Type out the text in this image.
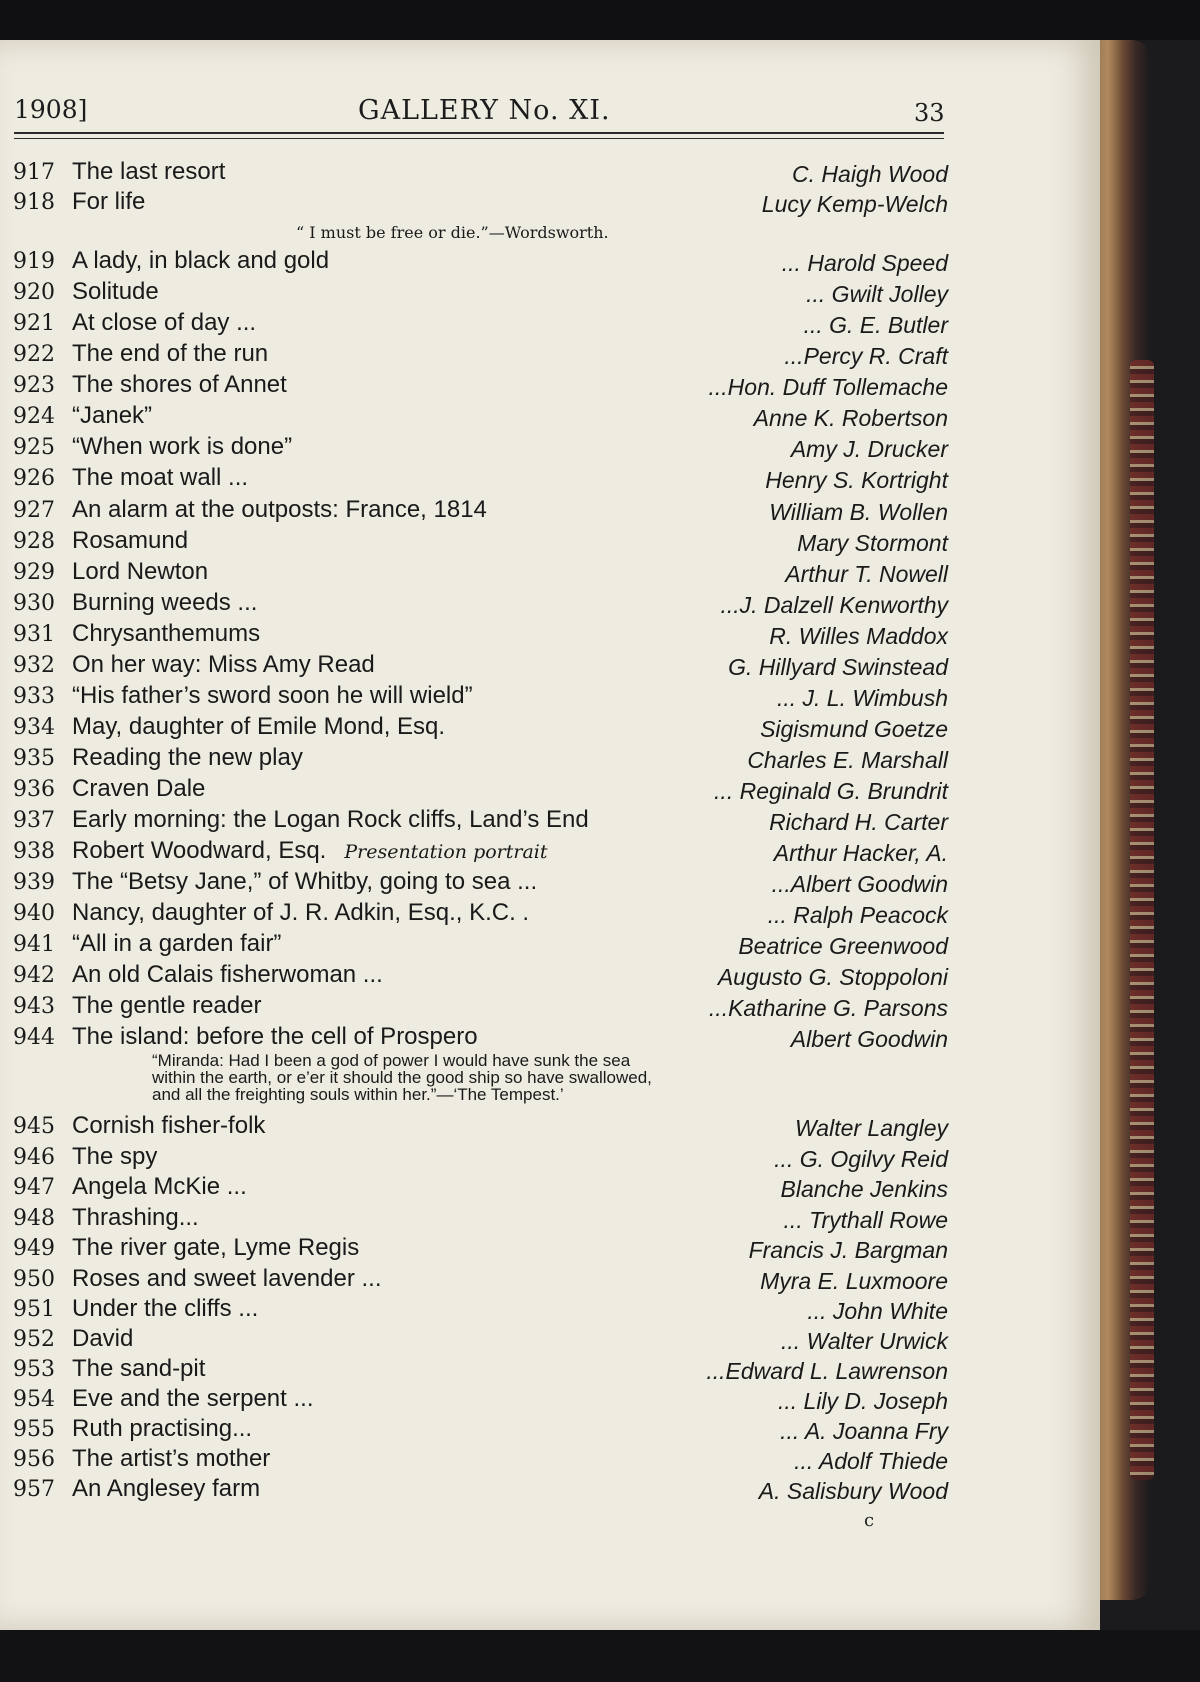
1908]	GALLERY No. XI.	33
917 The last resort	C. Haigh Wood
918 For life	Lucy Kemp-Welch
“ I must be free or die.”—Wordsworth.
919 A lady, in black and gold	... Harold Speed
920 Solitude	... Gwilt Jolley
921 At close of day ...	... G. E. Butler
922 The end of the run	...Percy R. Craft
923 The shores of Annet	...Hon. Duff Tollemache
924 “Janek”	Anne K. Robertson
925 “When work is done”	Amy J. Drucker
926 The moat wall ...	Henry S. Kortright
927 An alarm at the outposts: France, 1814	William B. Wollen
928 Rosamund	Mary Stormont
929 Lord Newton	Arthur T. Nowell
930 Burning weeds ...	...J. Dalzell Kenworthy
931 Chrysanthemums	R. Willes Maddox
932 On her way: Miss Amy Read	G. Hillyard Swinstead
933 “His father’s sword soon he will wield”	... J. L. Wimbush
934 May, daughter of Emile Mond, Esq.	Sigismund Goetze
935 Reading the new play	Charles E. Marshall
936 Craven Dale	... Reginald G. Brundrit
937 Early morning: the Logan Rock cliffs, Land’s End	Richard H. Carter
938 Robert Woodward, Esq. Presentation portrait	Arthur Hacker, A.
939 The “Betsy Jane,” of Whitby, going to sea ...	...Albert Goodwin
940 Nancy, daughter of J. R. Adkin, Esq., K.C. .	... Ralph Peacock
941 “All in a garden fair”	Beatrice Greenwood
942 An old Calais fisherwoman ...	Augusto G. Stoppoloni
943 The gentle reader	...Katharine G. Parsons
944 The island: before the cell of Prospero	Albert Goodwin
“Miranda: Had I been a god of power I would have sunk the sea
within the earth, or e’er it should the good ship so have swallowed,
and all the freighting souls within her.”—‘The Tempest.’
945 Cornish fisher-folk	Walter Langley
946 The spy	... G. Ogilvy Reid
947 Angela McKie ...	Blanche Jenkins
948 Thrashing...	... Trythall Rowe
949 The river gate, Lyme Regis	Francis J. Bargman
950 Roses and sweet lavender ...	Myra E. Luxmoore
951 Under the cliffs ...	... John White
952 David	... Walter Urwick
953 The sand-pit	...Edward L. Lawrenson
954 Eve and the serpent ...	... Lily D. Joseph
955 Ruth practising...	... A. Joanna Fry
956 The artist’s mother	... Adolf Thiede
957 An Anglesey farm	A. Salisbury Wood
c
